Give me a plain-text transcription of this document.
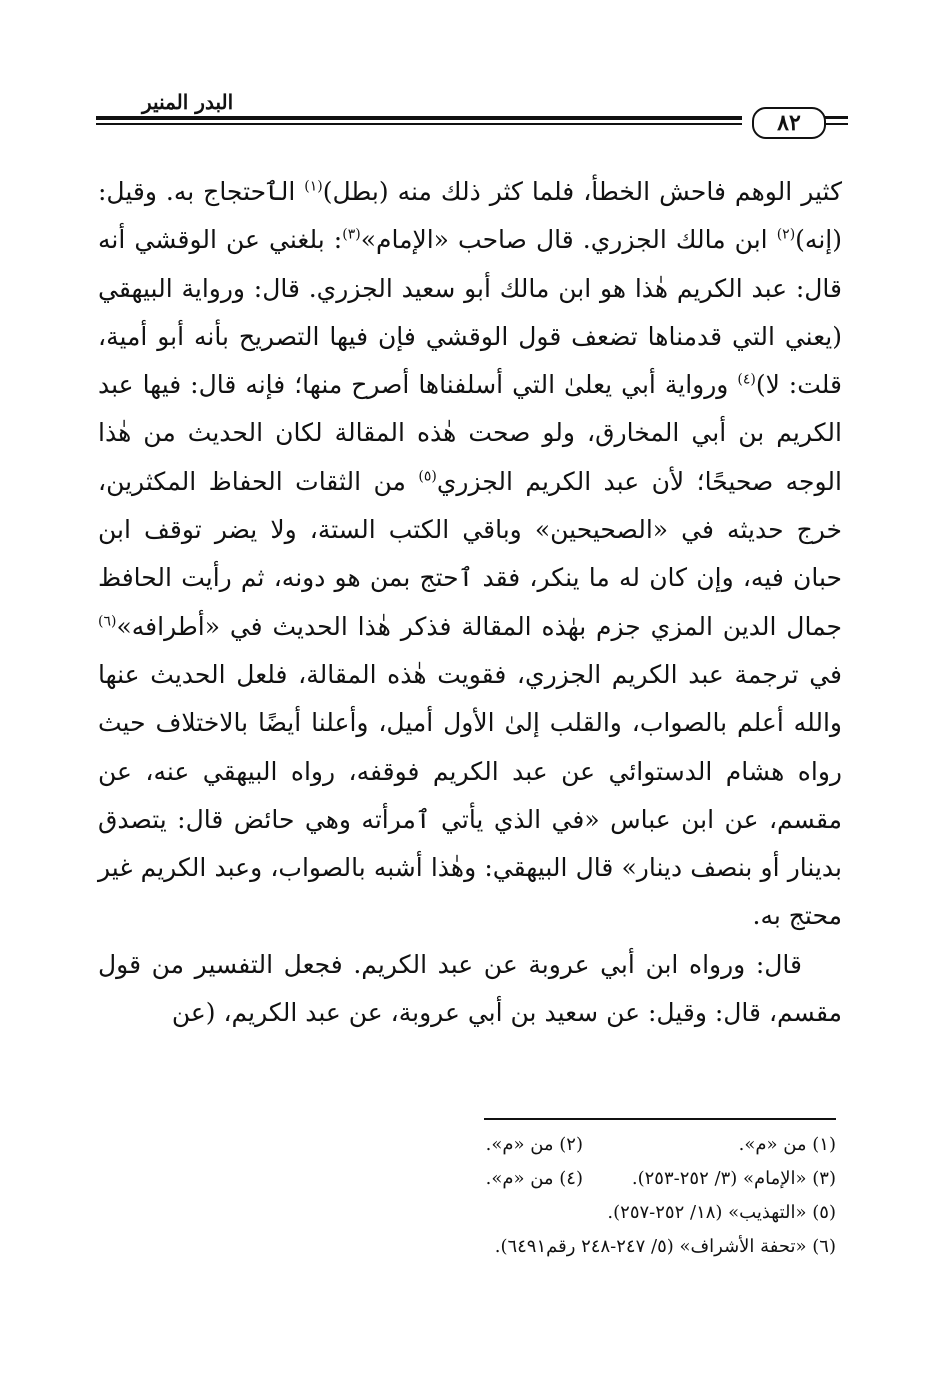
البدر المنير
٨٢

كثير الوهم فاحش الخطأ، فلما كثر ذلك منه (بطل)$^{(١)}$ الٱحتجاج به. وقيل: (إنه)$^{(٢)}$ ابن مالك الجزري. قال صاحب «الإمام»$^{(٣)}$: بلغني عن الوقشي أنه قال: عبد الكريم هٰذا هو ابن مالك أبو سعيد الجزري. قال: ورواية البيهقي (يعني التي قدمناها تضعف قول الوقشي فإن فيها التصريح بأنه أبو أمية، قلت: لا)$^{(٤)}$ ورواية أبي يعلىٰ التي أسلفناها أصرح منها؛ فإنه قال: فيها عبد الكريم بن أبي المخارق، ولو صحت هٰذه المقالة لكان الحديث من هٰذا الوجه صحيحًا؛ لأن عبد الكريم الجزري$^{(٥)}$ من الثقات الحفاظ المكثرين، خرج حديثه في «الصحيحين» وباقي الكتب الستة، ولا يضر توقف ابن حبان فيه، وإن كان له ما ينكر، فقد ٱحتج بمن هو دونه، ثم رأيت الحافظ جمال الدين المزي جزم بهٰذه المقالة فذكر هٰذا الحديث في «أطرافه»$^{(٦)}$ في ترجمة عبد الكريم الجزري، فقويت هٰذه المقالة، فلعل الحديث عنها والله أعلم بالصواب، والقلب إلىٰ الأول أميل، وأعلنا أيضًا بالاختلاف حيث رواه هشام الدستوائي عن عبد الكريم فوقفه، رواه البيهقي عنه، عن مقسم، عن ابن عباس «في الذي يأتي ٱمرأته وهي حائض قال: يتصدق بدينار أو بنصف دينار» قال البيهقي: وهٰذا أشبه بالصواب، وعبد الكريم غير محتج به.

قال: ورواه ابن أبي عروبة عن عبد الكريم. فجعل التفسير من قول مقسم، قال: وقيل: عن سعيد بن أبي عروبة، عن عبد الكريم، (عن

(١) من «م».
(٢) من «م».
(٣) «الإمام» (٣/ ٢٥٢-٢٥٣).
(٤) من «م».
(٥) «التهذيب» (١٨/ ٢٥٢-٢٥٧).
(٦) «تحفة الأشراف» (٥/ ٢٤٧-٢٤٨ رقم٦٤٩١).
